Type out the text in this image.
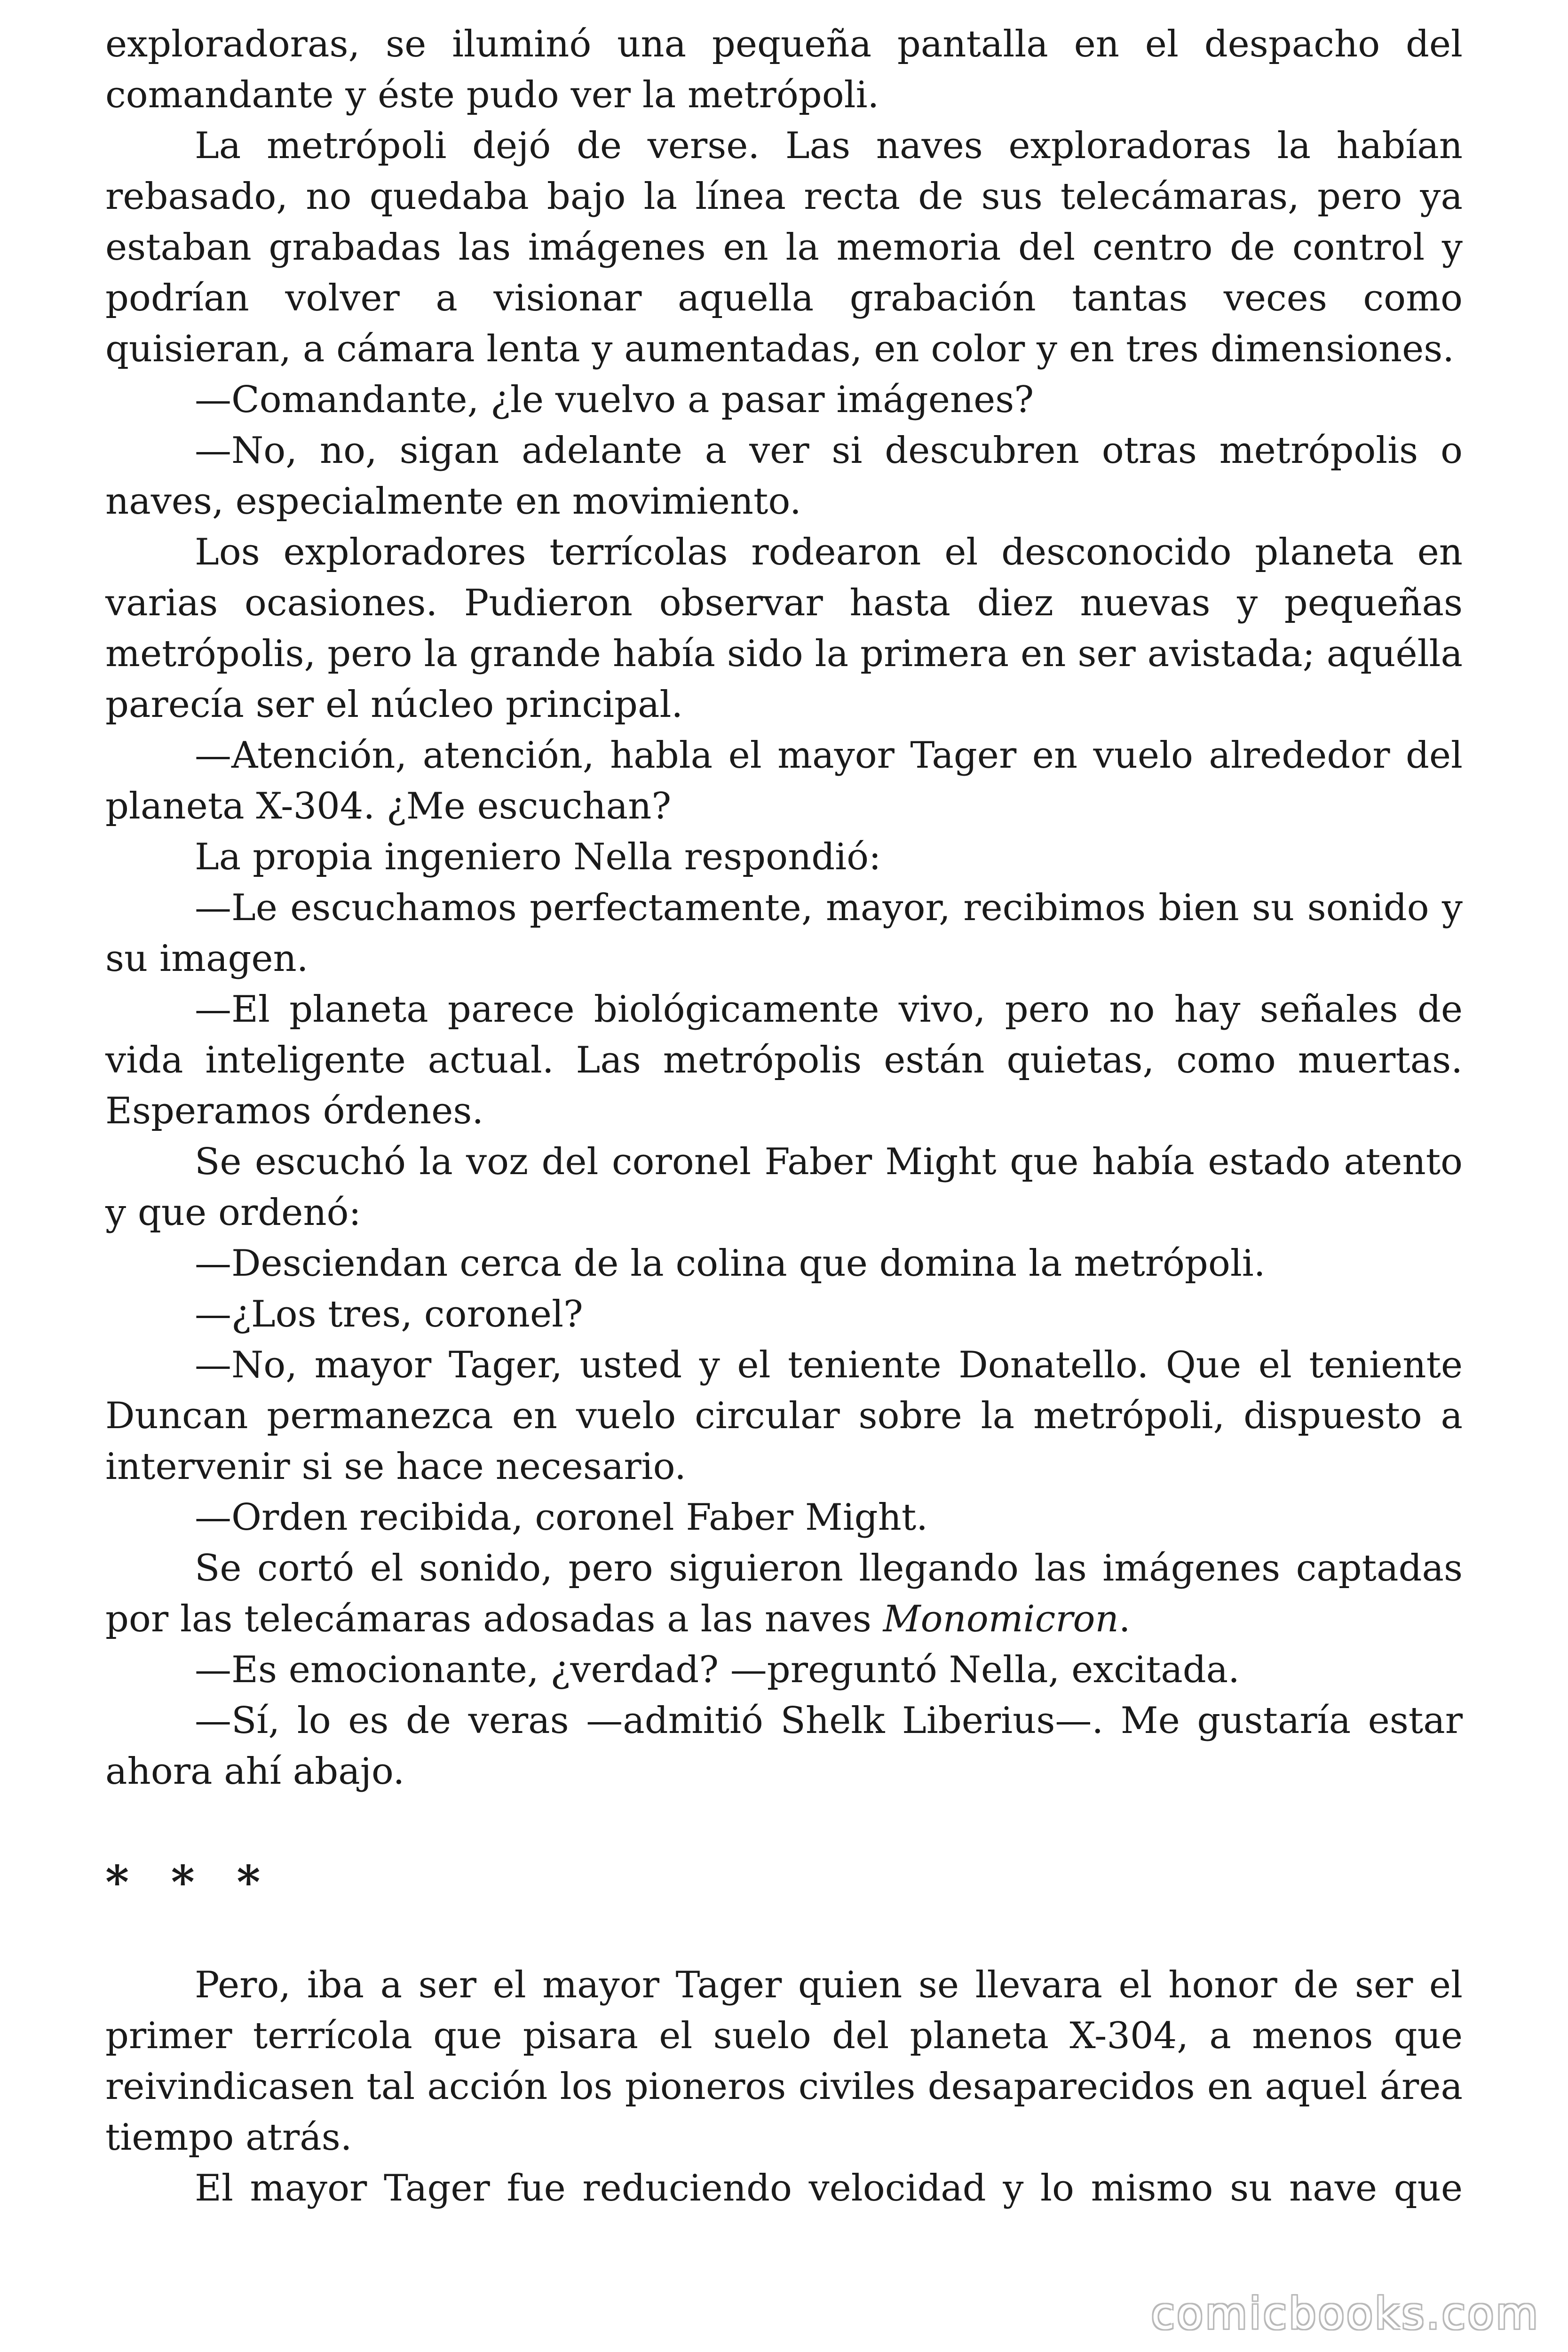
exploradoras, se iluminó una pequeña pantalla en el despacho del comandante y éste pudo ver la metrópoli.

La metrópoli dejó de verse. Las naves exploradoras la habían rebasado, no quedaba bajo la línea recta de sus telecámaras, pero ya estaban grabadas las imágenes en la memoria del centro de control y podrían volver a visionar aquella grabación tantas veces como quisieran, a cámara lenta y aumentadas, en color y en tres dimensiones.

—Comandante, ¿le vuelvo a pasar imágenes?

—No, no, sigan adelante a ver si descubren otras metrópolis o naves, especialmente en movimiento.

Los exploradores terrícolas rodearon el desconocido planeta en varias ocasiones. Pudieron observar hasta diez nuevas y pequeñas metrópolis, pero la grande había sido la primera en ser avistada; aquélla parecía ser el núcleo principal.

—Atención, atención, habla el mayor Tager en vuelo alrededor del planeta X-304. ¿Me escuchan?

La propia ingeniero Nella respondió:

—Le escuchamos perfectamente, mayor, recibimos bien su sonido y su imagen.

—El planeta parece biológicamente vivo, pero no hay señales de vida inteligente actual. Las metrópolis están quietas, como muertas. Esperamos órdenes.

Se escuchó la voz del coronel Faber Might que había estado atento y que ordenó:

—Desciendan cerca de la colina que domina la metrópoli.

—¿Los tres, coronel?

—No, mayor Tager, usted y el teniente Donatello. Que el teniente Duncan permanezca en vuelo circular sobre la metrópoli, dispuesto a intervenir si se hace necesario.

—Orden recibida, coronel Faber Might.

Se cortó el sonido, pero siguieron llegando las imágenes captadas por las telecámaras adosadas a las naves Monomicron.

—Es emocionante, ¿verdad? —preguntó Nella, excitada.

—Sí, lo es de veras —admitió Shelk Liberius—. Me gustaría estar ahora ahí abajo.

* * *

Pero, iba a ser el mayor Tager quien se llevara el honor de ser el primer terrícola que pisara el suelo del planeta X-304, a menos que reivindicasen tal acción los pioneros civiles desaparecidos en aquel área tiempo atrás.

El mayor Tager fue reduciendo velocidad y lo mismo su nave que

comicbooks.com
